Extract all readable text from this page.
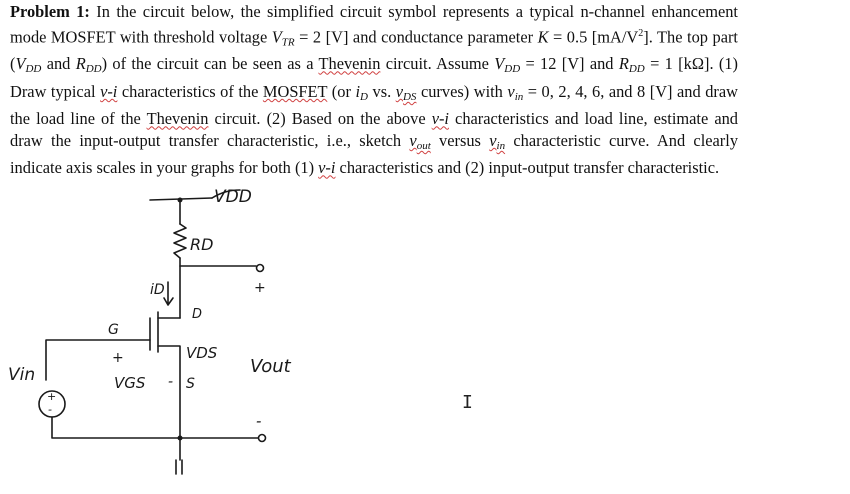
Problem 1: In the circuit below, the simplified circuit symbol represents a typical n-channel enhancement mode MOSFET with threshold voltage $V_{TR} = 2$ [V] and conductance parameter K = 0.5 $[mA/V^2]$. The top part ($V_{DD}$ and $R_{DD}$) of the circuit can be seen as a Thevenin circuit. Assume $V_{DD} = 12$ [V] and $R_{DD} = 1$ [kΩ]. (1) Draw typical v-i characteristics of the MOSFET (or $i_D$ vs. $v_{DS}$ curves) with $v_{in} = 0$, 2, 4, 6, and 8 [V] and draw the load line of the Thevenin circuit. (2) Based on the above v-i characteristics and load line, estimate and draw the input-output transfer characteristic, i.e., sketch $v_{out}$ versus $v_{in}$ characteristic curve. And clearly indicate axis scales in your graphs for both (1) v-i characteristics and (2) input-output transfer characteristic.
VDD
RD
iD
D
G
VDS
+
VGS - S
Vin	Vout
+
-
+
-	I
